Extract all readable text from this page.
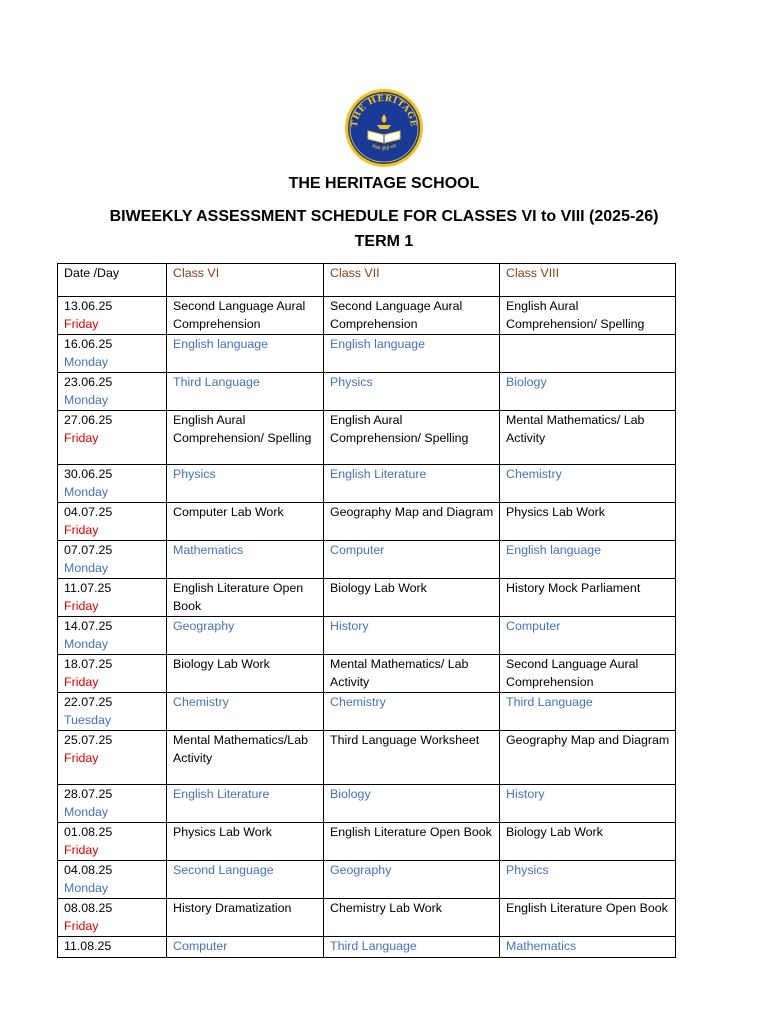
THE HERITAGE
आत्म दीपो भव
THE HERITAGE SCHOOL
BIWEEKLY ASSESSMENT SCHEDULE FOR CLASSES VI to VIII (2025-26)
TERM 1
Date /Day	Class VI	Class VII	Class VIII

13.06.25
Friday	Second Language Aural Comprehension	Second Language Aural Comprehension	English Aural Comprehension/ Spelling

16.06.25
Monday	English language	English language	

23.06.25
Monday	Third Language	Physics	Biology

27.06.25
Friday	English Aural Comprehension/ Spelling	English Aural Comprehension/ Spelling	Mental Mathematics/ Lab Activity

30.06.25
Monday	Physics	English Literature	Chemistry

04.07.25
Friday	Computer Lab Work	Geography Map and Diagram	Physics Lab Work

07.07.25
Monday	Mathematics	Computer	English language

11.07.25
Friday	English Literature Open Book	Biology Lab Work	History Mock Parliament

14.07.25
Monday	Geography	History	Computer

18.07.25
Friday	Biology Lab Work	Mental Mathematics/ Lab Activity	Second Language Aural Comprehension

22.07.25
Tuesday	Chemistry	Chemistry	Third Language

25.07.25
Friday	Mental Mathematics/Lab Activity	Third Language Worksheet	Geography Map and Diagram

28.07.25
Monday	English Literature	Biology	History

01.08.25
Friday	Physics Lab Work	English Literature Open Book	Biology Lab Work

04.08.25
Monday	Second Language	Geography	Physics

08.08.25
Friday	History Dramatization	Chemistry Lab Work	English Literature Open Book

11.08.25	Computer	Third Language	Mathematics
